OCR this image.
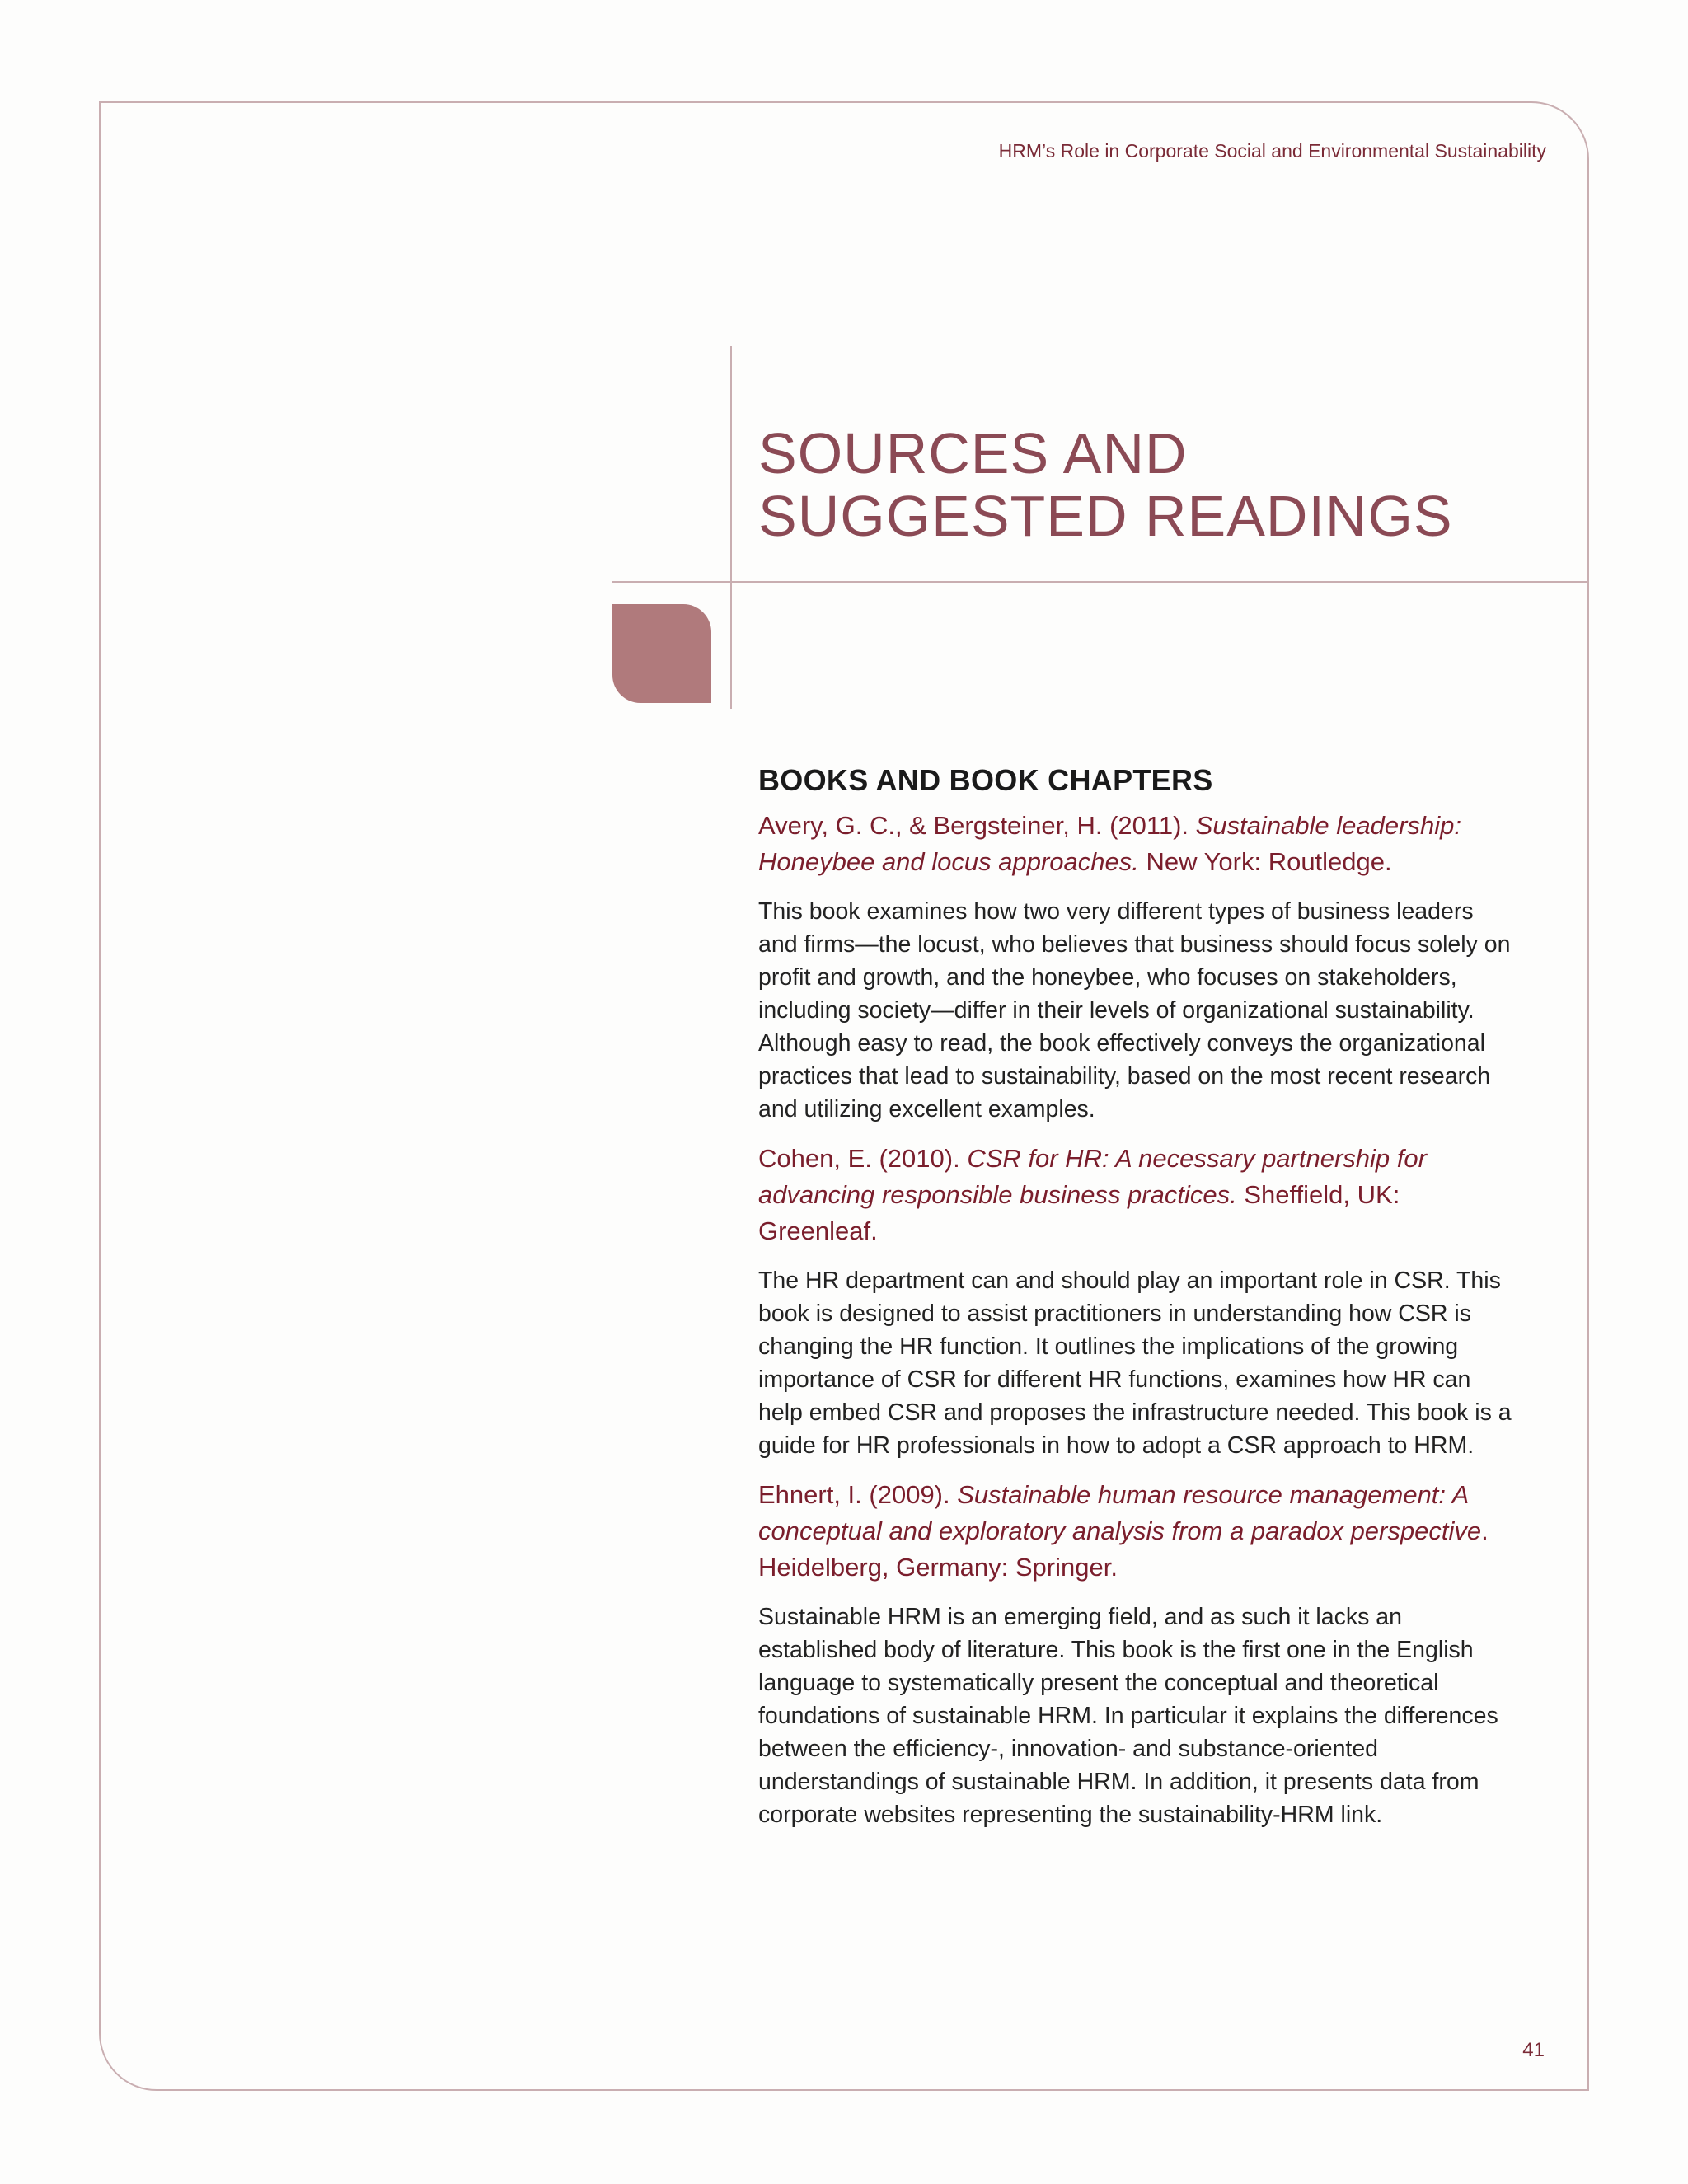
HRM’s Role in Corporate Social and Environmental Sustainability
SOURCES AND
SUGGESTED READINGS
BOOKS AND BOOK CHAPTERS

Avery, G. C., & Bergsteiner, H. (2011). Sustainable leadership: Honeybee and locus approaches. New York: Routledge.

This book examines how two very different types of business leaders and firms—the locust, who believes that business should focus solely on profit and growth, and the honeybee, who focuses on stakeholders, including society—differ in their levels of organizational sustainability. Although easy to read, the book effectively conveys the organizational practices that lead to sustainability, based on the most recent research and utilizing excellent examples.

Cohen, E. (2010). CSR for HR: A necessary partnership for advancing responsible business practices. Sheffield, UK: Greenleaf.

The HR department can and should play an important role in CSR. This book is designed to assist practitioners in understanding how CSR is changing the HR function. It outlines the implications of the growing importance of CSR for different HR functions, examines how HR can help embed CSR and proposes the infrastructure needed. This book is a guide for HR professionals in how to adopt a CSR approach to HRM.

Ehnert, I. (2009). Sustainable human resource management: A conceptual and exploratory analysis from a paradox perspective. Heidelberg, Germany: Springer.

Sustainable HRM is an emerging field, and as such it lacks an established body of literature. This book is the first one in the English language to systematically present the conceptual and theoretical foundations of sustainable HRM. In particular it explains the differences between the efficiency-, innovation- and substance-oriented understandings of sustainable HRM. In addition, it presents data from corporate websites representing the sustainability-HRM link.

41
